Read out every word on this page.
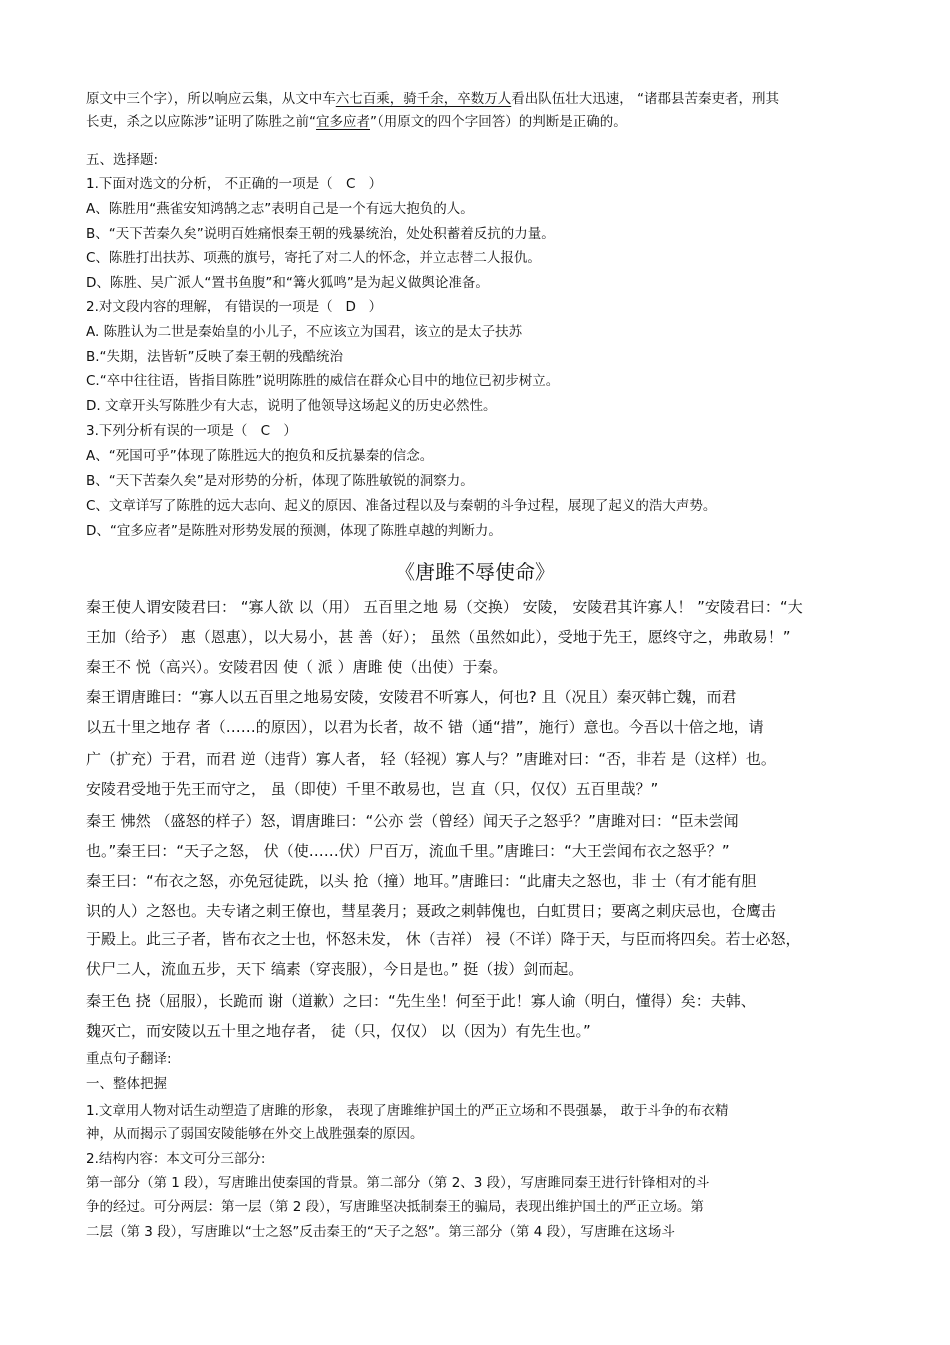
原文中三个字），所以响应云集，从文中车六七百乘，骑千余，卒数万人看出队伍壮大迅速， “诸郡县苦秦吏者，刑其
长吏，杀之以应陈涉”证明了陈胜之前“宜多应者”（用原文的四个字回答）的判断是正确的。
五、选择题:
1.下面对选文的分析， 不正确的一项是（ C ）
A、陈胜用“燕雀安知鸿鹄之志”表明自己是一个有远大抱负的人。
B、“天下苦秦久矣”说明百姓痛恨秦王朝的残暴统治，处处积蓄着反抗的力量。
C、陈胜打出扶苏、项燕的旗号，寄托了对二人的怀念，并立志替二人报仇。
D、陈胜、吴广派人“置书鱼腹”和“篝火狐鸣”是为起义做舆论准备。
2.对文段内容的理解， 有错误的一项是（ D ）
A. 陈胜认为二世是秦始皇的小儿子，不应该立为国君，该立的是太子扶苏
B.“失期，法皆斩”反映了秦王朝的残酷统治
C.“卒中往往语，皆指目陈胜”说明陈胜的威信在群众心目中的地位已初步树立。
D. 文章开头写陈胜少有大志，说明了他领导这场起义的历史必然性。
3.下列分析有误的一项是（ C ）
A、“死国可乎”体现了陈胜远大的抱负和反抗暴秦的信念。
B、“天下苦秦久矣”是对形势的分析，体现了陈胜敏锐的洞察力。
C、文章详写了陈胜的远大志向、起义的原因、准备过程以及与秦朝的斗争过程，展现了起义的浩大声势。
D、“宜多应者”是陈胜对形势发展的预测，体现了陈胜卓越的判断力。
《唐雎不辱使命》
秦王使人谓安陵君曰： “寡人欲 以（用） 五百里之地 易（交换） 安陵， 安陵君其许寡人！ ”安陵君曰：“大
王加（给予） 惠（恩惠），以大易小，甚 善（好）； 虽然（虽然如此），受地于先王，愿终守之，弗敢易！”
秦王不 悦（高兴）。安陵君因 使（ 派 ）唐雎 使（出使）于秦。
秦王谓唐雎曰：“寡人以五百里之地易安陵，安陵君不听寡人，何也? 且（况且）秦灭韩亡魏，而君
以五十里之地存 者（……的原因），以君为长者，故不 错（通“措”，施行）意也。今吾以十倍之地，请
广（扩充）于君，而君 逆（违背）寡人者， 轻（轻视）寡人与？”唐雎对曰：“否，非若 是（这样）也。
安陵君受地于先王而守之， 虽（即使）千里不敢易也，岂 直（只，仅仅）五百里哉？”
秦王 怫然 （盛怒的样子）怒，谓唐雎曰：“公亦 尝（曾经）闻天子之怒乎？”唐雎对曰：“臣未尝闻
也。”秦王曰：“天子之怒， 伏（使……伏）尸百万，流血千里。”唐雎曰：“大王尝闻布衣之怒乎？”
秦王曰：“布衣之怒，亦免冠徒跣，以头 抢（撞）地耳。”唐雎曰：“此庸夫之怒也，非 士（有才能有胆
识的人）之怒也。夫专诸之刺王僚也，彗星袭月；聂政之刺韩傀也，白虹贯日；要离之刺庆忌也，仓鹰击
于殿上。此三子者，皆布衣之士也，怀怒未发， 休（吉祥） 祲（不详）降于天，与臣而将四矣。若士必怒，
伏尸二人，流血五步，天下 缟素（穿丧服），今日是也。” 挺（拔）剑而起。
秦王色 挠（屈服），长跪而 谢（道歉）之曰：“先生坐！何至于此！寡人谕（明白，懂得）矣：夫韩、
魏灭亡，而安陵以五十里之地存者， 徒（只，仅仅） 以（因为）有先生也。”
重点句子翻译:
一、整体把握
1.文章用人物对话生动塑造了唐雎的形象， 表现了唐雎维护国土的严正立场和不畏强暴， 敢于斗争的布衣精
神，从而揭示了弱国安陵能够在外交上战胜强秦的原因。
2.结构内容：本文可分三部分:
第一部分（第 1 段），写唐雎出使秦国的背景。第二部分（第 2、3 段），写唐雎同秦王进行针锋相对的斗
争的经过。可分两层：第一层（第 2 段），写唐雎坚决抵制秦王的骗局，表现出维护国土的严正立场。第
二层（第 3 段），写唐雎以“士之怒”反击秦王的“天子之怒”。第三部分（第 4 段），写唐雎在这场斗
